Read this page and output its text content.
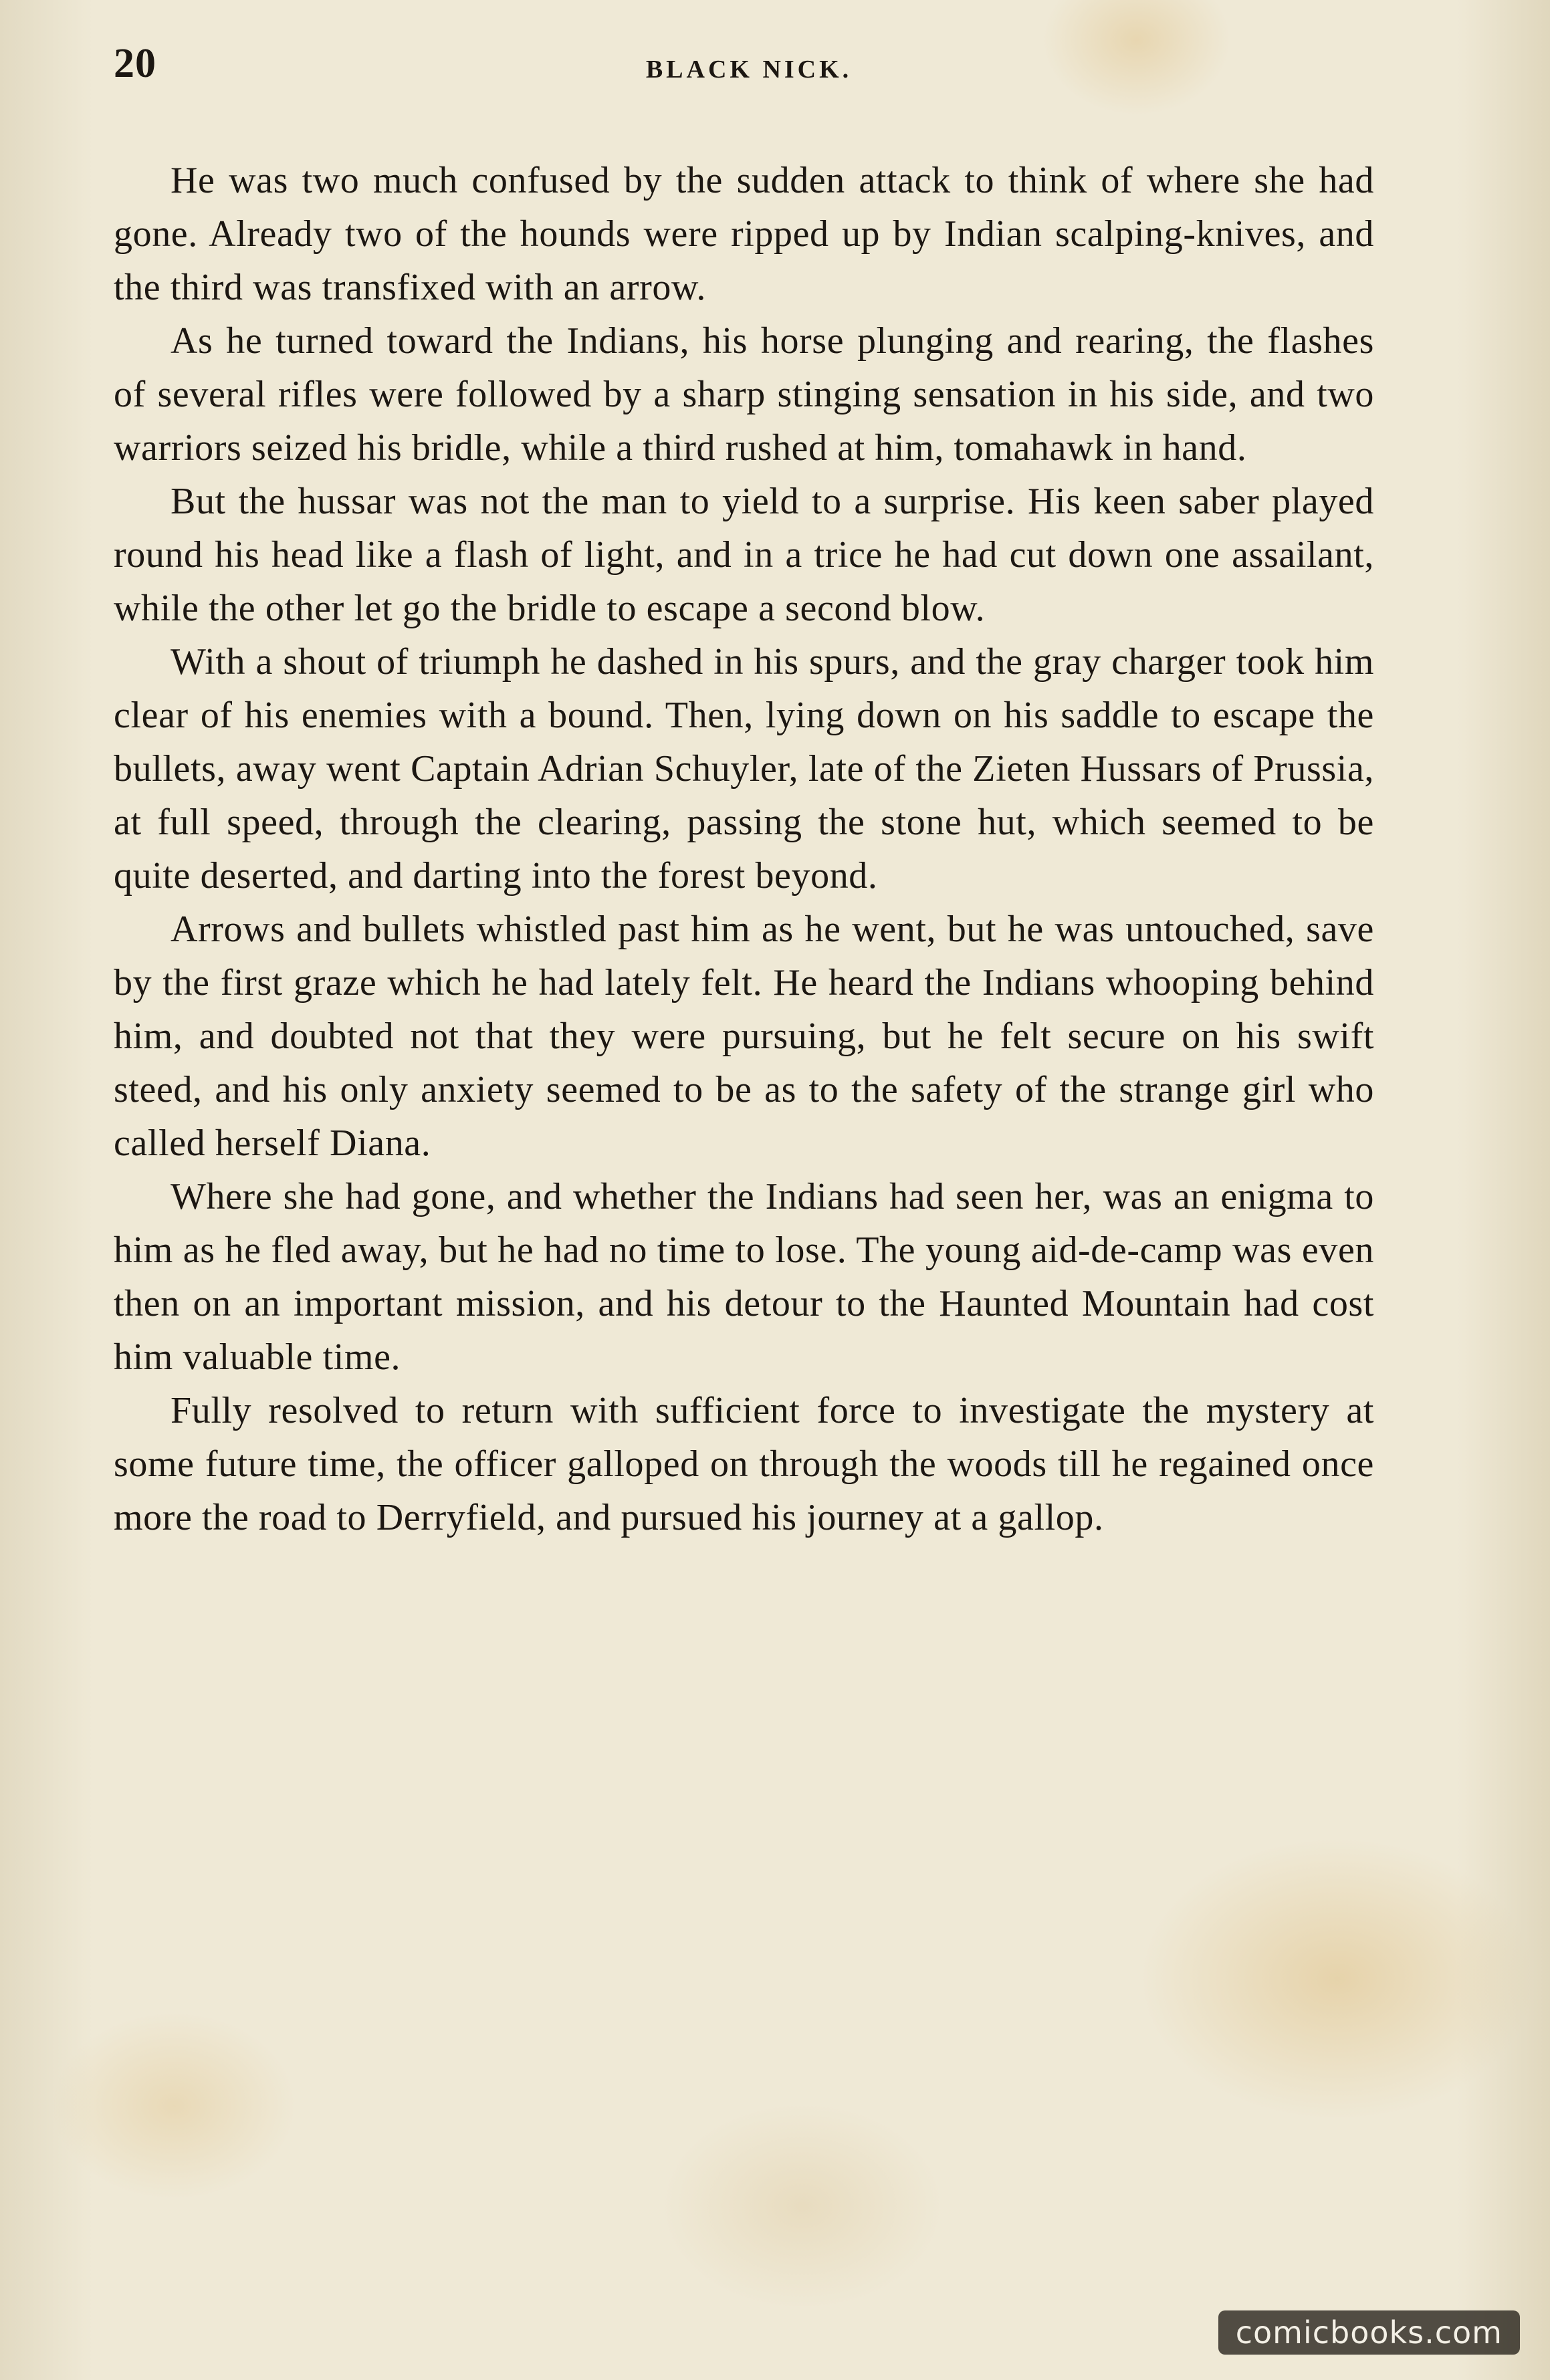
20	BLACK NICK.

He was two much confused by the sudden attack to think of where she had gone. Already two of the hounds were ripped up by Indian scalping-knives, and the third was transfixed with an arrow.

As he turned toward the Indians, his horse plunging and rearing, the flashes of several rifles were followed by a sharp stinging sensation in his side, and two warriors seized his bridle, while a third rushed at him, tomahawk in hand.

But the hussar was not the man to yield to a surprise. His keen saber played round his head like a flash of light, and in a trice he had cut down one assailant, while the other let go the bridle to escape a second blow.

With a shout of triumph he dashed in his spurs, and the gray charger took him clear of his enemies with a bound. Then, lying down on his saddle to escape the bullets, away went Captain Adrian Schuyler, late of the Zieten Hussars of Prussia, at full speed, through the clearing, passing the stone hut, which seemed to be quite deserted, and darting into the forest beyond.

Arrows and bullets whistled past him as he went, but he was untouched, save by the first graze which he had lately felt. He heard the Indians whooping behind him, and doubted not that they were pursuing, but he felt secure on his swift steed, and his only anxiety seemed to be as to the safety of the strange girl who called herself Diana.

Where she had gone, and whether the Indians had seen her, was an enigma to him as he fled away, but he had no time to lose. The young aid-de-camp was even then on an important mission, and his detour to the Haunted Mountain had cost him valuable time.

Fully resolved to return with sufficient force to investigate the mystery at some future time, the officer galloped on through the woods till he regained once more the road to Derryfield, and pursued his journey at a gallop.

comicbooks.com
